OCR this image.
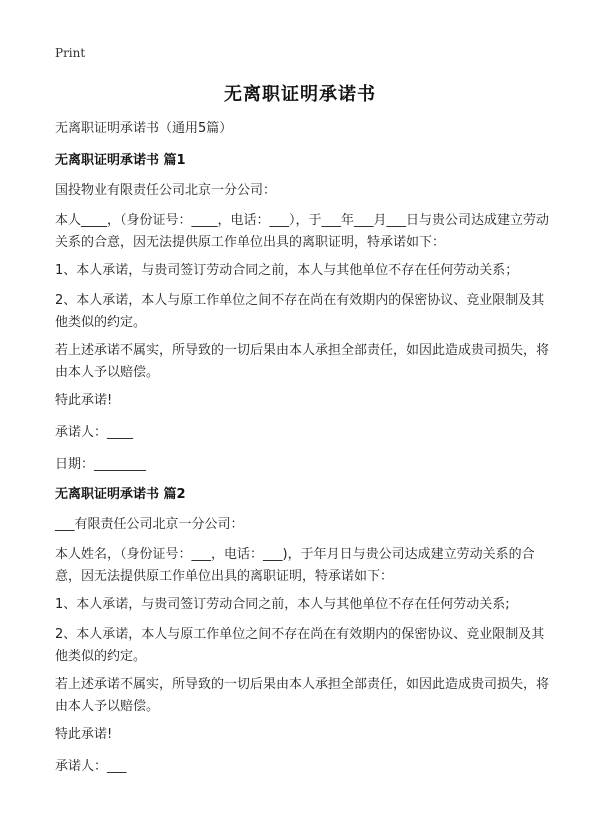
Print
无离职证明承诺书
无离职证明承诺书（通用5篇）
无离职证明承诺书 篇1
国投物业有限责任公司北京一分公司：
本人____，（身份证号：____，电话：___），于___年___月___日与贵公司达成建立劳动关系的合意，因无法提供原工作单位出具的离职证明，特承诺如下：
1、本人承诺，与贵司签订劳动合同之前，本人与其他单位不存在任何劳动关系；
2、本人承诺，本人与原工作单位之间不存在尚在有效期内的保密协议、竞业限制及其他类似的约定。
若上述承诺不属实，所导致的一切后果由本人承担全部责任，如因此造成贵司损失，将由本人予以赔偿。
特此承诺!
承诺人：____
日期：________
无离职证明承诺书 篇2
___有限责任公司北京一分公司：
本人姓名，（身份证号：___，电话：___)，于年月日与贵公司达成建立劳动关系的合意，因无法提供原工作单位出具的离职证明，特承诺如下：
1、本人承诺，与贵司签订劳动合同之前，本人与其他单位不存在任何劳动关系;
2、本人承诺，本人与原工作单位之间不存在尚在有效期内的保密协议、竞业限制及其他类似的约定。
若上述承诺不属实，所导致的一切后果由本人承担全部责任，如因此造成贵司损失，将由本人予以赔偿。
特此承诺!
承诺人：___
